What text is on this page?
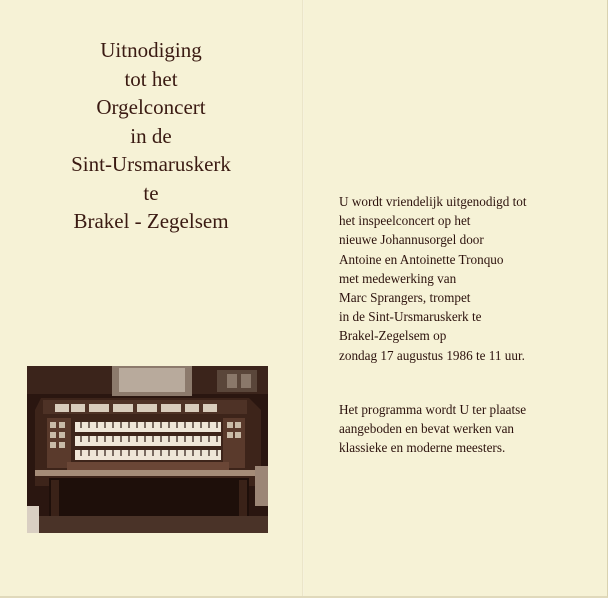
Uitnodiging
tot het
Orgelconcert
in de
Sint-Ursmaruskerk
te
Brakel - Zegelsem
U wordt vriendelijk uitgenodigd tot
het inspeelconcert op het
nieuwe Johannusorgel door
Antoine en Antoinette Tronquo
met medewerking van
Marc Sprangers, trompet
in de Sint-Ursmaruskerk te
Brakel-Zegelsem op
zondag 17 augustus 1986 te 11 uur.
Het programma wordt U ter plaatse
aangeboden en bevat werken van
klassieke en moderne meesters.
